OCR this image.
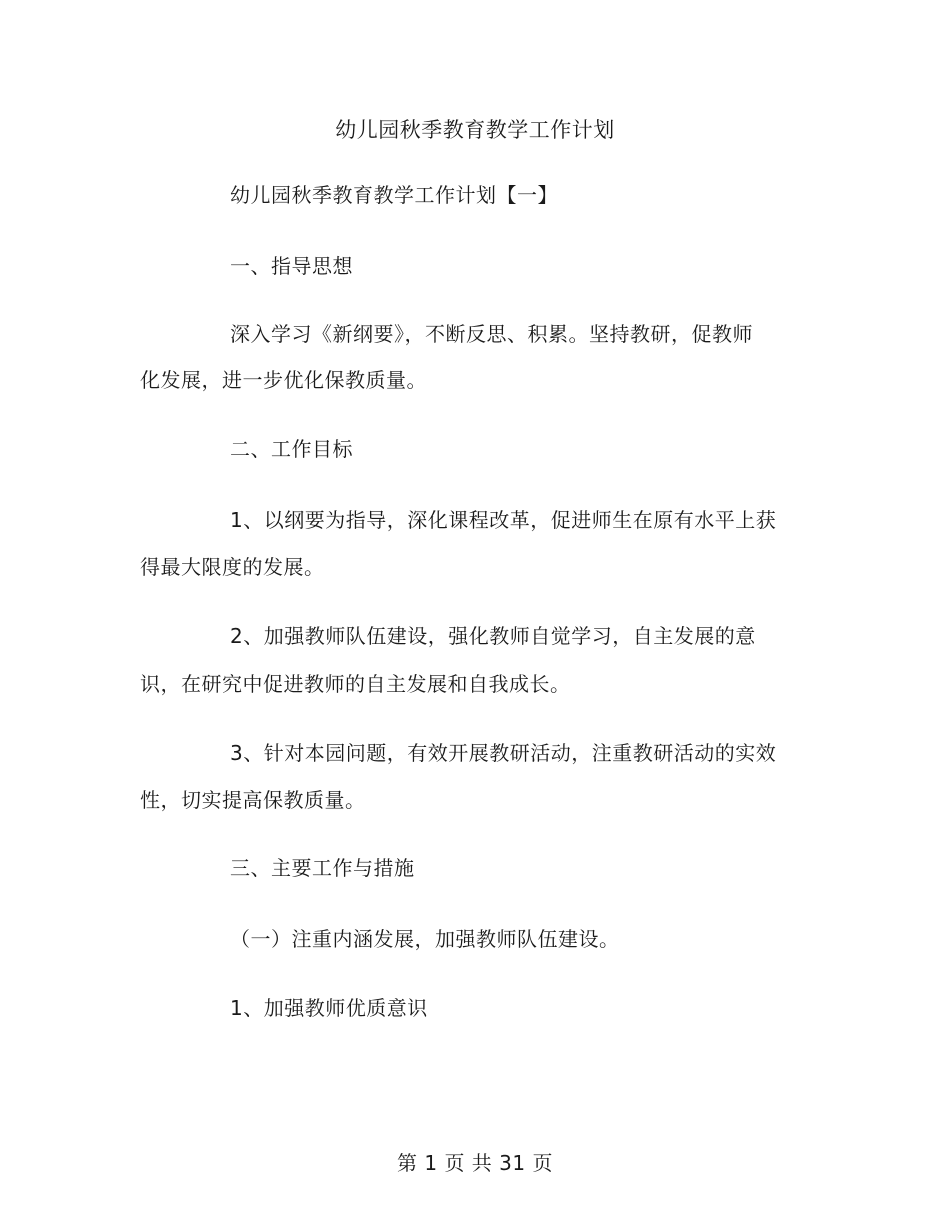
幼儿园秋季教育教学工作计划
幼儿园秋季教育教学工作计划【一】
一、指导思想
深入学习《新纲要》，不断反思、积累。坚持教研，促教师
化发展，进一步优化保教质量。
二、工作目标
1、以纲要为指导，深化课程改革，促进师生在原有水平上获
得最大限度的发展。
2、加强教师队伍建设，强化教师自觉学习，自主发展的意
识，在研究中促进教师的自主发展和自我成长。
3、针对本园问题，有效开展教研活动，注重教研活动的实效
性，切实提高保教质量。
三、主要工作与措施
（一）注重内涵发展，加强教师队伍建设。
1、加强教师优质意识
第 1 页 共 31 页
